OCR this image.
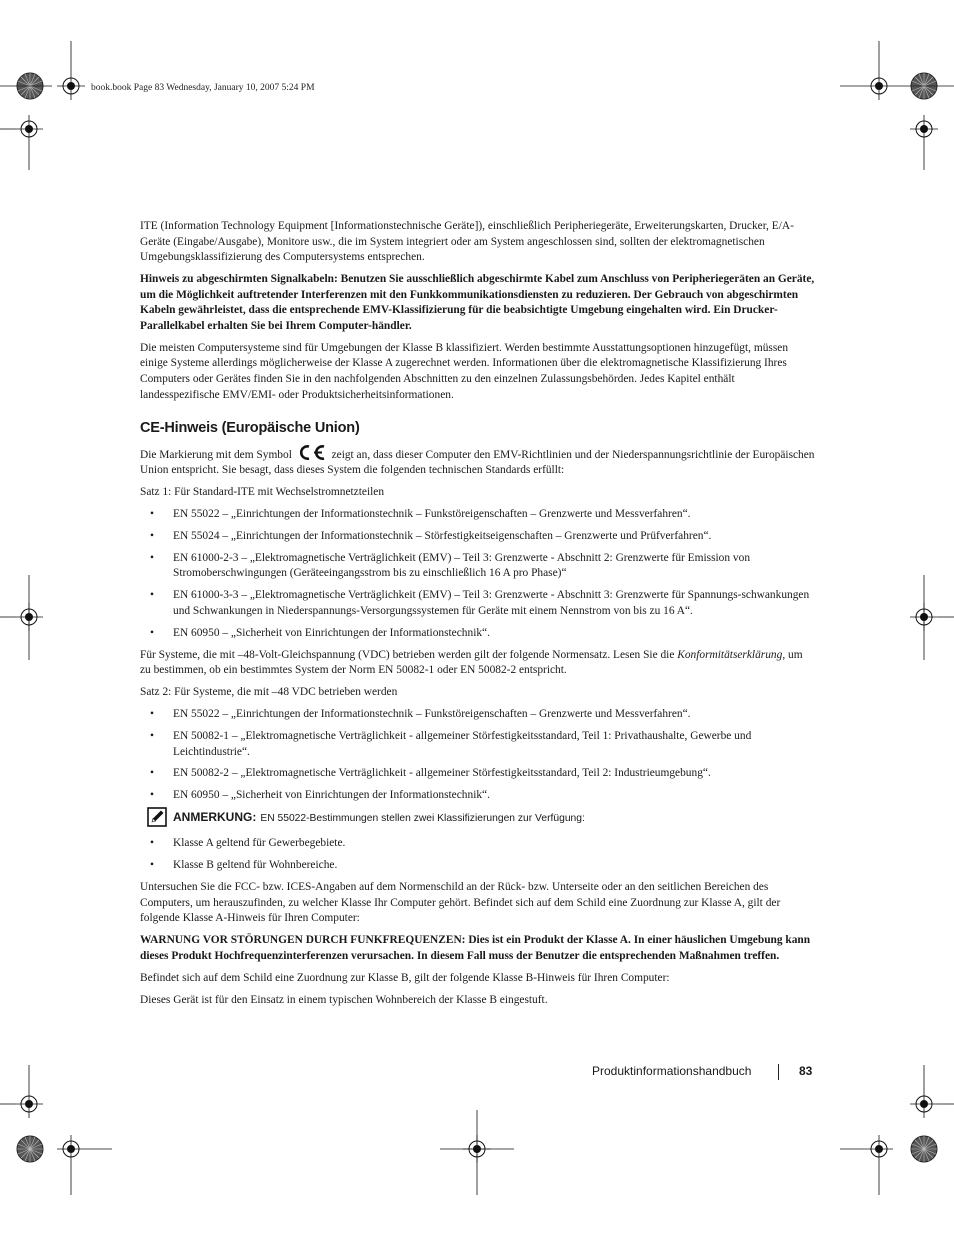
book.book Page 83 Wednesday, January 10, 2007 5:24 PM

ITE (Information Technology Equipment [Informationstechnische Geräte]), einschließlich Peripheriegeräte, Erweiterungskarten, Drucker, E/A-Geräte (Eingabe/Ausgabe), Monitore usw., die im System integriert oder am System angeschlossen sind, sollten der elektromagnetischen Umgebungsklassifizierung des Computersystems entsprechen.

Hinweis zu abgeschirmten Signalkabeln: Benutzen Sie ausschließlich abgeschirmte Kabel zum Anschluss von Peripheriegeräten an Geräte, um die Möglichkeit auftretender Interferenzen mit den Funkkommunikationsdiensten zu reduzieren. Der Gebrauch von abgeschirmten Kabeln gewährleistet, dass die entsprechende EMV-Klassifizierung für die beabsichtigte Umgebung eingehalten wird. Ein Drucker-Parallelkabel erhalten Sie bei Ihrem Computer-händler.

Die meisten Computersysteme sind für Umgebungen der Klasse B klassifiziert. Werden bestimmte Ausstattungsoptionen hinzugefügt, müssen einige Systeme allerdings möglicherweise der Klasse A zugerechnet werden. Informationen über die elektromagnetische Klassifizierung Ihres Computers oder Gerätes finden Sie in den nachfolgenden Abschnitten zu den einzelnen Zulassungsbehörden. Jedes Kapitel enthält landesspezifische EMV/EMI- oder Produktsicherheitsinformationen.

CE-Hinweis (Europäische Union)

Die Markierung mit dem Symbol	zeigt an, dass dieser Computer den EMV-Richtlinien und der Niederspannungsrichtlinie der Europäischen Union entspricht. Sie besagt, dass dieses System die folgenden technischen Standards erfüllt:

Satz 1: Für Standard-ITE mit Wechselstromnetzteilen

• EN 55022 – „Einrichtungen der Informationstechnik – Funkstöreigenschaften – Grenzwerte und Messverfahren“.
• EN 55024 – „Einrichtungen der Informationstechnik – Störfestigkeitseigenschaften – Grenzwerte und Prüfverfahren“.
• EN 61000-2-3 – „Elektromagnetische Verträglichkeit (EMV) – Teil 3: Grenzwerte - Abschnitt 2: Grenzwerte für Emission von Stromoberschwingungen (Geräteeingangsstrom bis zu einschließlich 16 A pro Phase)“
• EN 61000-3-3 – „Elektromagnetische Verträglichkeit (EMV) – Teil 3: Grenzwerte - Abschnitt 3: Grenzwerte für Spannungs-schwankungen und Schwankungen in Niederspannungs-Versorgungssystemen für Geräte mit einem Nennstrom von bis zu 16 A“.
• EN 60950 – „Sicherheit von Einrichtungen der Informationstechnik“.

Für Systeme, die mit –48-Volt-Gleichspannung (VDC) betrieben werden gilt der folgende Normensatz. Lesen Sie die Konformitätserklärung, um zu bestimmen, ob ein bestimmtes System der Norm EN 50082-1 oder EN 50082-2 entspricht.

Satz 2: Für Systeme, die mit –48 VDC betrieben werden

• EN 55022 – „Einrichtungen der Informationstechnik – Funkstöreigenschaften – Grenzwerte und Messverfahren“.
• EN 50082-1 – „Elektromagnetische Verträglichkeit - allgemeiner Störfestigkeitsstandard, Teil 1: Privathaushalte, Gewerbe und Leichtindustrie“.
• EN 50082-2 – „Elektromagnetische Verträglichkeit - allgemeiner Störfestigkeitsstandard, Teil 2: Industrieumgebung“.
• EN 60950 – „Sicherheit von Einrichtungen der Informationstechnik“.
ANMERKUNG: EN 55022-Bestimmungen stellen zwei Klassifizierungen zur Verfügung:
• Klasse A geltend für Gewerbegebiete.
• Klasse B geltend für Wohnbereiche.

Untersuchen Sie die FCC- bzw. ICES-Angaben auf dem Normenschild an der Rück- bzw. Unterseite oder an den seitlichen Bereichen des Computers, um herauszufinden, zu welcher Klasse Ihr Computer gehört. Befindet sich auf dem Schild eine Zuordnung zur Klasse A, gilt der folgende Klasse A-Hinweis für Ihren Computer:

WARNUNG VOR STÖRUNGEN DURCH FUNKFREQUENZEN: Dies ist ein Produkt der Klasse A. In einer häuslichen Umgebung kann dieses Produkt Hochfrequenzinterferenzen verursachen. In diesem Fall muss der Benutzer die entsprechenden Maßnahmen treffen.

Befindet sich auf dem Schild eine Zuordnung zur Klasse B, gilt der folgende Klasse B-Hinweis für Ihren Computer:

Dieses Gerät ist für den Einsatz in einem typischen Wohnbereich der Klasse B eingestuft.

Produktinformationshandbuch	83
